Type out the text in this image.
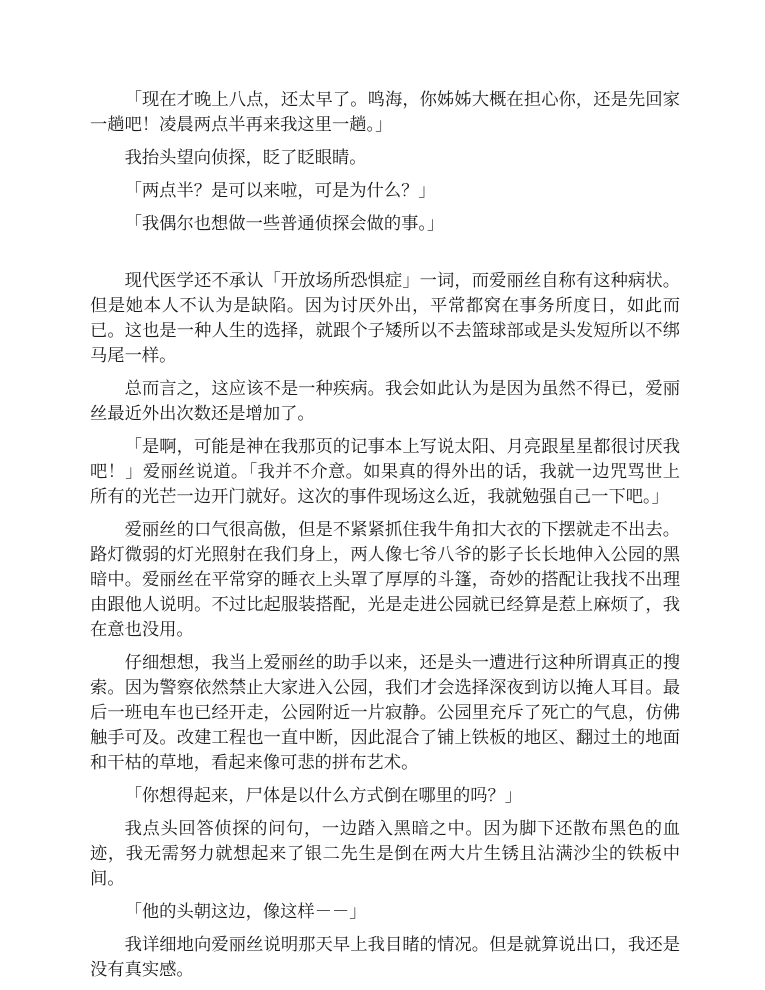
「现在才晚上八点，还太早了。鸣海，你姊姊大概在担心你，还是先回家一趟吧！凌晨两点半再来我这里一趟。」

我抬头望向侦探，眨了眨眼睛。

「两点半？是可以来啦，可是为什么？」

「我偶尔也想做一些普通侦探会做的事。」

现代医学还不承认「开放场所恐惧症」一词，而爱丽丝自称有这种病状。但是她本人不认为是缺陷。因为讨厌外出，平常都窝在事务所度日，如此而已。这也是一种人生的选择，就跟个子矮所以不去篮球部或是头发短所以不绑马尾一样。

总而言之，这应该不是一种疾病。我会如此认为是因为虽然不得已，爱丽丝最近外出次数还是增加了。

「是啊，可能是神在我那页的记事本上写说太阳、月亮跟星星都很讨厌我吧！」爱丽丝说道。「我并不介意。如果真的得外出的话，我就一边咒骂世上所有的光芒一边开门就好。这次的事件现场这么近，我就勉强自己一下吧。」

爱丽丝的口气很高傲，但是不紧紧抓住我牛角扣大衣的下摆就走不出去。路灯微弱的灯光照射在我们身上，两人像七爷八爷的影子长长地伸入公园的黑暗中。爱丽丝在平常穿的睡衣上头罩了厚厚的斗篷，奇妙的搭配让我找不出理由跟他人说明。不过比起服装搭配，光是走进公园就已经算是惹上麻烦了，我在意也没用。

仔细想想，我当上爱丽丝的助手以来，还是头一遭进行这种所谓真正的搜索。因为警察依然禁止大家进入公园，我们才会选择深夜到访以掩人耳目。最后一班电车也已经开走，公园附近一片寂静。公园里充斥了死亡的气息，仿佛触手可及。改建工程也一直中断，因此混合了铺上铁板的地区、翻过土的地面和干枯的草地，看起来像可悲的拼布艺术。

「你想得起来，尸体是以什么方式倒在哪里的吗？」

我点头回答侦探的问句，一边踏入黑暗之中。因为脚下还散布黑色的血迹，我无需努力就想起来了银二先生是倒在两大片生锈且沾满沙尘的铁板中间。

「他的头朝这边，像这样－－」

我详细地向爱丽丝说明那天早上我目睹的情况。但是就算说出口，我还是没有真实感。
